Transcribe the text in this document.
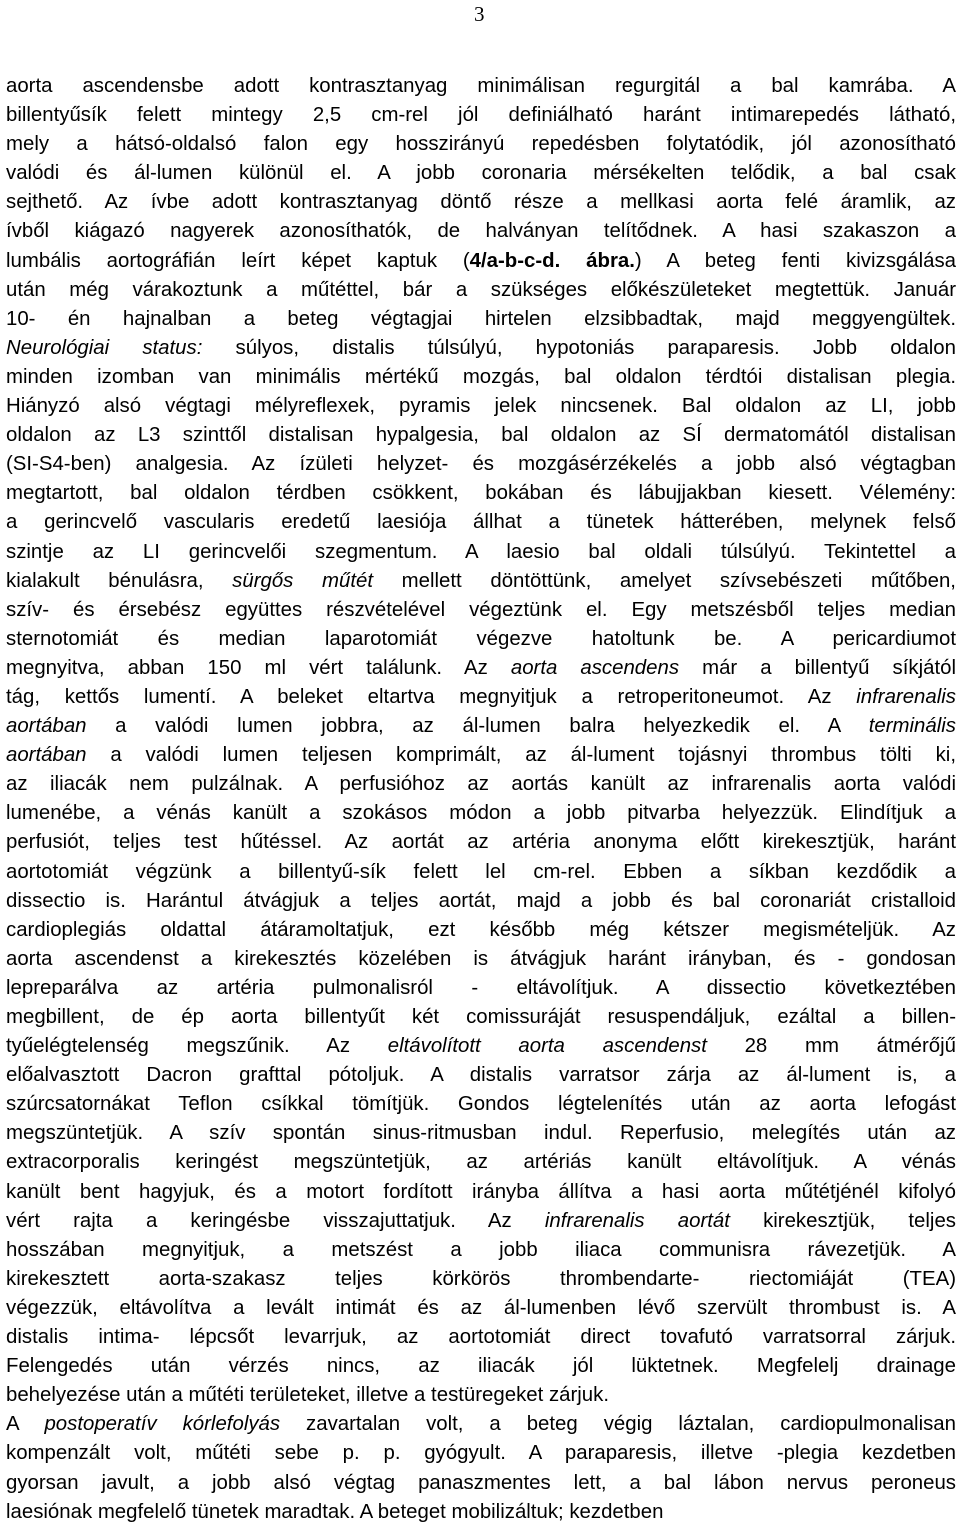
3
aorta ascendensbe adott kontrasztanyag minimálisan regurgitál a bal kamrába. A
billentyűsík felett mintegy 2,5 cm-rel jól definiálható haránt intimarepedés látható,
mely a hátsó-oldalsó falon egy hosszirányú repedésben folytatódik, jól azonosítható
valódi és ál-lumen különül el. A jobb coronaria mérsékelten telődik, a bal csak
sejthető. Az ívbe adott kontrasztanyag döntő része a mellkasi aorta felé áramlik, az
ívből kiágazó nagyerek azonosíthatók, de halványan telítődnek. A hasi szakaszon a
lumbális aortográfián leírt képet kaptuk (4/a-b-c-d. ábra.) A beteg fenti kivizsgálása
után még várakoztunk a műtéttel, bár a szükséges előkészületeket megtettük. Január
10- én hajnalban a beteg végtagjai hirtelen elzsibbadtak, majd meggyengültek.
Neurológiai status: súlyos, distalis túlsúlyú, hypotoniás paraparesis. Jobb oldalon
minden izomban van minimális mértékű mozgás, bal oldalon térdtói distalisan plegia.
Hiányzó alsó végtagi mélyreflexek, pyramis jelek nincsenek. Bal oldalon az LI, jobb
oldalon az L3 szinttől distalisan hypalgesia, bal oldalon az SÍ dermatomától distalisan
(SI-S4-ben) analgesia. Az ízületi helyzet- és mozgásérzékelés a jobb alsó végtagban
megtartott, bal oldalon térdben csökkent, bokában és lábujjakban kiesett. Vélemény:
a gerincvelő vascularis eredetű laesiója állhat a tünetek hátterében, melynek felső
szintje az LI gerincvelői szegmentum. A laesio bal oldali túlsúlyú. Tekintettel a
kialakult bénulásra, sürgős műtét mellett döntöttünk, amelyet szívsebészeti műtőben,
szív- és érsebész együttes részvételével végeztünk el. Egy metszésből teljes median
sternotomiát és median laparotomiát végezve hatoltunk be. A pericardiumot
megnyitva, abban 150 ml vért találunk. Az aorta ascendens már a billentyű síkjától
tág, kettős lumentí. A beleket eltartva megnyitjuk a retroperitoneumot. Az infrarenalis
aortában a valódi lumen jobbra, az ál-lumen balra helyezkedik el. A terminális
aortában a valódi lumen teljesen komprimált, az ál-lument tojásnyi thrombus tölti ki,
az iliacák nem pulzálnak. A perfusióhoz az aortás kanült az infrarenalis aorta valódi
lumenébe, a vénás kanült a szokásos módon a jobb pitvarba helyezzük. Elindítjuk a
perfusiót, teljes test hűtéssel. Az aortát az artéria anonyma előtt kirekesztjük, haránt
aortotomiát végzünk a billentyű-sík felett lel cm-rel. Ebben a síkban kezdődik a
dissectio is. Harántul átvágjuk a teljes aortát, majd a jobb és bal coronariát cristalloid
cardioplegiás oldattal átáramoltatjuk, ezt később még kétszer megismételjük. Az
aorta ascendenst a kirekesztés közelében is átvágjuk haránt irányban, és - gondosan
lepreparálva az artéria pulmonalisról - eltávolítjuk. A dissectio következtében
megbillent, de ép aorta billentyűt két comissuráját resuspendáljuk, ezáltal a billen-
tyűelégtelenség megszűnik. Az eltávolított aorta ascendenst 28 mm átmérőjű
előalvasztott Dacron grafttal pótoljuk. A distalis varratsor zárja az ál-lument is, a
szúrcsatornákat Teflon csíkkal tömítjük. Gondos légtelenítés után az aorta lefogást
megszüntetjük. A szív spontán sinus-ritmusban indul. Reperfusio, melegítés után az
extracorporalis keringést megszüntetjük, az artériás kanült eltávolítjuk. A vénás
kanült bent hagyjuk, és a motort fordított irányba állítva a hasi aorta műtétjénél kifolyó
vért rajta a keringésbe visszajuttatjuk. Az infrarenalis aortát kirekesztjük, teljes
hosszában megnyitjuk, a metszést a jobb iliaca communisra rávezetjük. A
kirekesztett aorta-szakasz teljes körkörös thrombendarte- riectomiáját (TEA)
végezzük, eltávolítva a levált intimát és az ál-lumenben lévő szervült thrombust is. A
distalis intima- lépcsőt levarrjuk, az aortotomiát direct tovafutó varratsorral zárjuk.
Felengedés után vérzés nincs, az iliacák jól lüktetnek. Megfelelj drainage
behelyezése után a műtéti területeket, illetve a testüregeket zárjuk.
A postoperatív kórlefolyás zavartalan volt, a beteg végig láztalan, cardiopulmonalisan
kompenzált volt, műtéti sebe p. p. gyógyult. A paraparesis, illetve -plegia kezdetben
gyorsan javult, a jobb alsó végtag panaszmentes lett, a bal lábon nervus peroneus
laesiónak megfelelő tünetek maradtak. A beteget mobilizáltuk; kezdetben
